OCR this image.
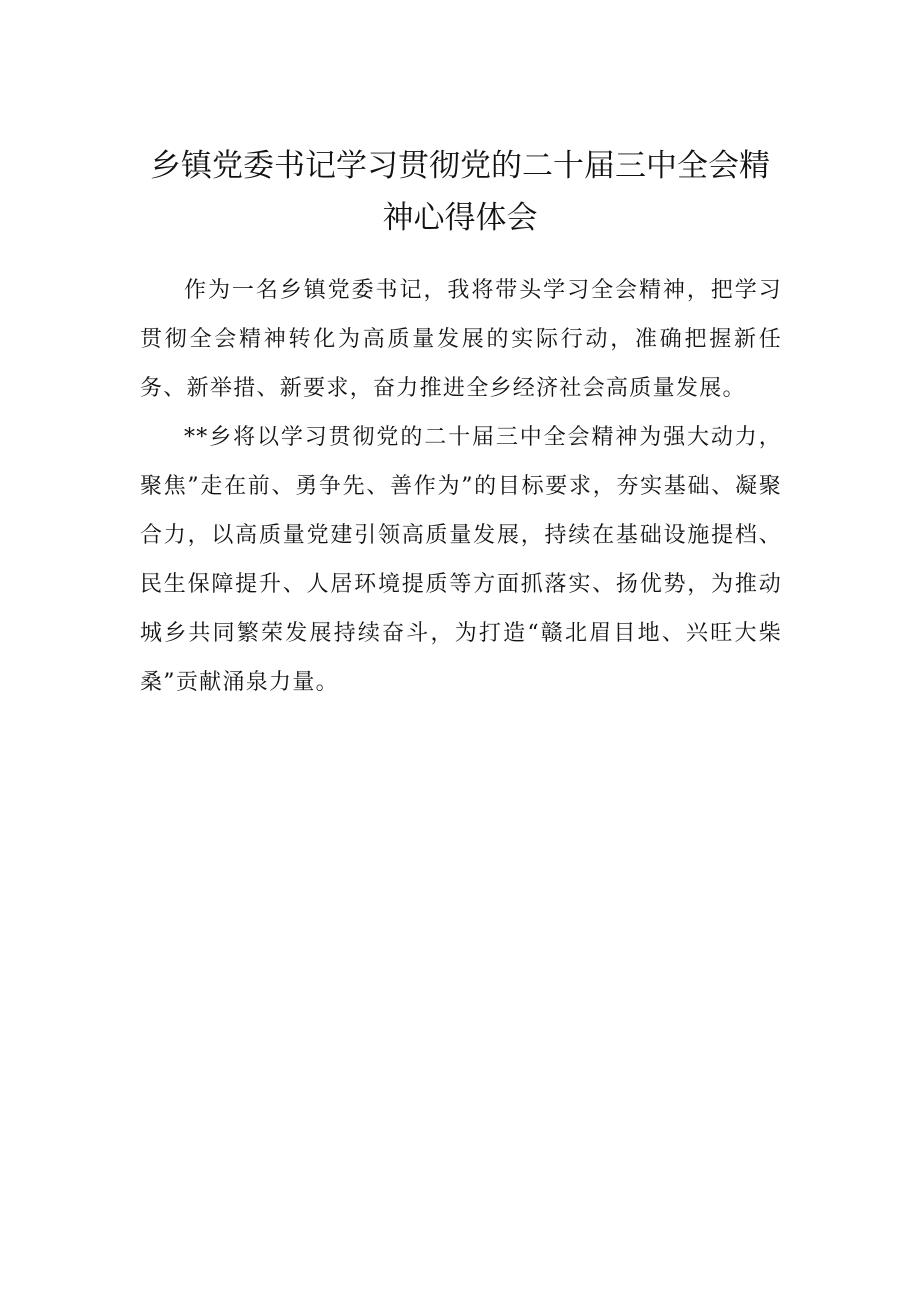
乡镇党委书记学习贯彻党的二十届三中全会精神心得体会

作为一名乡镇党委书记，我将带头学习全会精神，把学习贯彻全会精神转化为高质量发展的实际行动，准确把握新任务、新举措、新要求，奋力推进全乡经济社会高质量发展。

**乡将以学习贯彻党的二十届三中全会精神为强大动力，聚焦”走在前、勇争先、善作为”的目标要求，夯实基础、凝聚合力，以高质量党建引领高质量发展，持续在基础设施提档、民生保障提升、人居环境提质等方面抓落实、扬优势，为推动城乡共同繁荣发展持续奋斗，为打造“赣北眉目地、兴旺大柴桑”贡献涌泉力量。
